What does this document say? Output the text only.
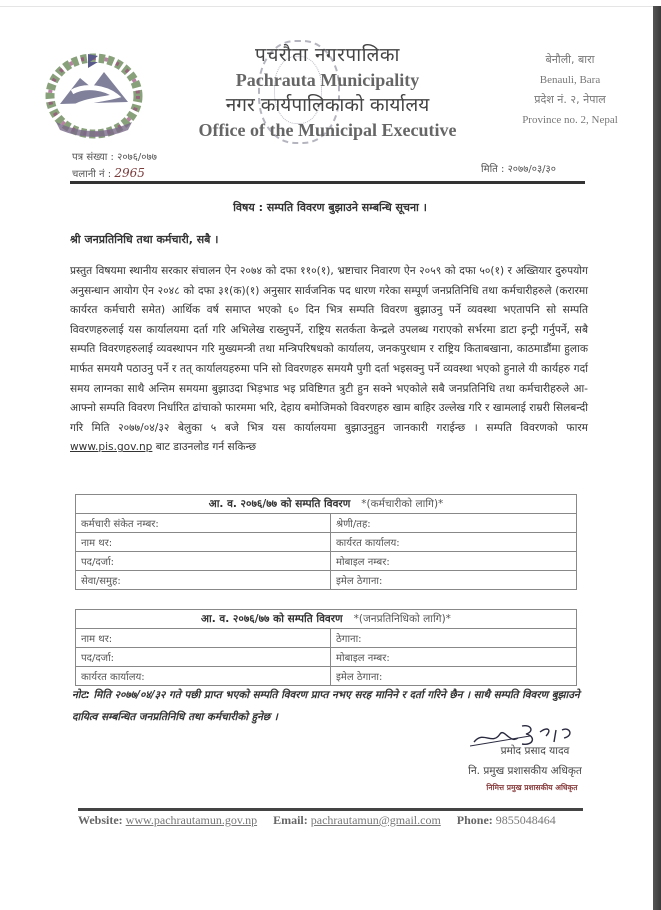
पचरौता नगरपालिका
Pachrauta Municipality
नगर कार्यपालिकाको कार्यालय
Office of the Municipal Executive
बेनौली, बारा
Benauli, Bara
प्रदेश नं. २, नेपाल
Province no. 2, Nepal
पत्र संख्या : २०७६/०७७
चलानी नं : 2965	मिति : २०७७/०३/३०
विषय : सम्पति विवरण बुझाउने सम्बन्धि सूचना ।
श्री जनप्रतिनिधि तथा कर्मचारी, सबै ।
प्रस्तुत विषयमा स्थानीय सरकार संचालन ऐन २०७४ को दफा ११०(१), भ्रष्टाचार निवारण ऐन २०५९ को दफा ५०(१) र अख्तियार दुरुपयोग अनुसन्धान आयोग ऐन २०४८ को दफा ३१(क)(१) अनुसार सार्वजनिक पद धारण गरेका सम्पूर्ण जनप्रतिनिधि तथा कर्मचारीहरुले (करारमा कार्यरत कर्मचारी समेत) आर्थिक वर्ष समाप्त भएको ६० दिन भित्र सम्पति विवरण बुझाउनु पर्ने व्यवस्था भएतापनि सो सम्पति विवरणहरुलाई यस कार्यालयमा दर्ता गरि अभिलेख राख्नुपर्ने, राष्ट्रिय सतर्कता केन्द्रले उपलब्ध गराएको सर्भरमा डाटा इन्ट्री गर्नुपर्ने, सबै सम्पति विवरणहरुलाई व्यवस्थापन गरि मुख्यमन्त्री तथा मन्त्रिपरिषधको कार्यालय, जनकपुरधाम र राष्ट्रिय किताबखाना, काठमाडौंमा हुलाक मार्फत समयमै पठाउनु पर्ने र तत् कार्यालयहरुमा पनि सो विवरणहरु समयमै पुगी दर्ता भइसक्नु पर्ने व्यवस्था भएको हुनाले यी कार्यहरु गर्दा समय लाग्नका साथै अन्तिम समयमा बुझाउदा भिड़भाड भइ प्रविष्टिगत त्रुटी हुन सक्ने भएकोले सबै जनप्रतिनिधि तथा कर्मचारीहरुले आ-आफ्नो सम्पति विवरण निर्धारित ढांचाको फारममा भरि, देहाय बमोजिमको विवरणहरु खाम बाहिर उल्लेख गरि र खामलाई राम्ररी सिलबन्दी गरि मिति २०७७/०४/३२ बेलुका ५ बजे भित्र यस कार्यालयमा बुझाउनुहुन जानकारी गराईन्छ । सम्पति विवरणको फारम www.pis.gov.np बाट डाउनलोड गर्न सकिन्छ
आ. व. २०७६/७७ को सम्पति विवरण *(कर्मचारीको लागि)*	
कर्मचारी संकेत नम्बर:	श्रेणी/तह:
नाम थर:	कार्यरत कार्यालय:
पद/दर्जा:	मोबाइल नम्बर:
सेवा/समुह:	इमेल ठेगाना:
आ. व. २०७६/७७ को सम्पति विवरण *(जनप्रतिनिधिको लागि)*	
नाम थर:	ठेगाना:
पद/दर्जा:	मोबाइल नम्बर:
कार्यरत कार्यालय:	इमेल ठेगाना:
नोट: मिति २०७७/०४/३२ गते पछी प्राप्त भएको सम्पति विवरण प्राप्त नभए सरह मानिने र दर्ता गरिने छैन । साथै सम्पति विवरण बुझाउने दायित्व सम्बन्धित जनप्रतिनिधि तथा कर्मचारीको हुनेछ ।
प्रमोद प्रसाद यादव
नि. प्रमुख प्रशासकीय अधिकृत
निमित्त प्रमुख प्रशासकीय अधिकृत
Website: www.pachrautamun.gov.np Email: pachrautamun@gmail.com Phone: 9855048464
